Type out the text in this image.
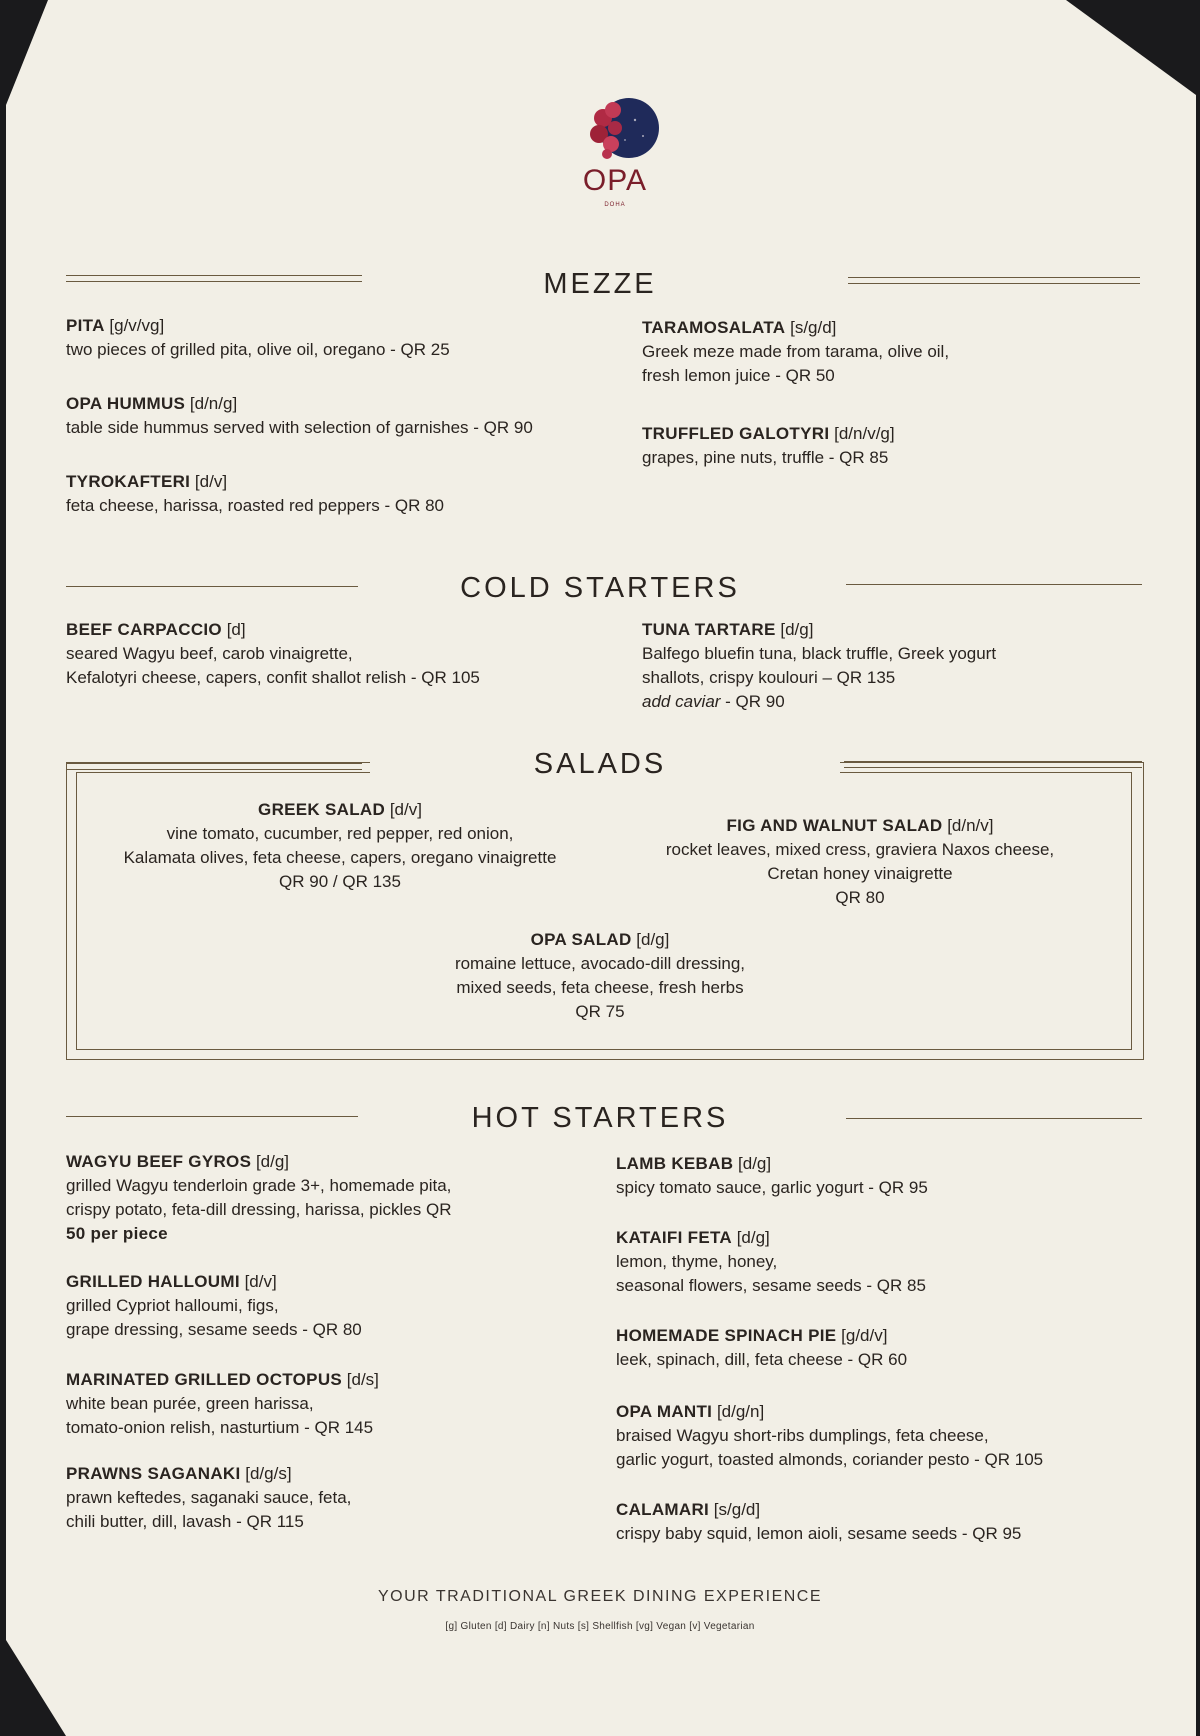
OPA
DOHA
MEZZE
PITA [g/v/vg]
two pieces of grilled pita, olive oil, oregano - QR 25
OPA HUMMUS [d/n/g]
table side hummus served with selection of garnishes - QR 90
TYROKAFTERI [d/v]
feta cheese, harissa, roasted red peppers - QR 80
TARAMOSALATA [s/g/d]
Greek meze made from tarama, olive oil,
fresh lemon juice - QR 50
TRUFFLED GALOTYRI [d/n/v/g]
grapes, pine nuts, truffle - QR 85
COLD STARTERS
BEEF CARPACCIO [d]
seared Wagyu beef, carob vinaigrette,
Kefalotyri cheese, capers, confit shallot relish - QR 105
TUNA TARTARE [d/g]
Balfego bluefin tuna, black truffle, Greek yogurt
shallots, crispy koulouri – QR 135
add caviar - QR 90
SALADS
GREEK SALAD [d/v]
vine tomato, cucumber, red pepper, red onion,
Kalamata olives, feta cheese, capers, oregano vinaigrette
QR 90 / QR 135
FIG AND WALNUT SALAD [d/n/v]
rocket leaves, mixed cress, graviera Naxos cheese,
Cretan honey vinaigrette
QR 80
OPA SALAD [d/g]
romaine lettuce, avocado-dill dressing,
mixed seeds, feta cheese, fresh herbs
QR 75
HOT STARTERS
WAGYU BEEF GYROS [d/g]
grilled Wagyu tenderloin grade 3+, homemade pita,
crispy potato, feta-dill dressing, harissa, pickles QR
50 per piece
GRILLED HALLOUMI [d/v]
grilled Cypriot halloumi, figs,
grape dressing, sesame seeds - QR 80
MARINATED GRILLED OCTOPUS [d/s]
white bean purée, green harissa,
tomato-onion relish, nasturtium - QR 145
PRAWNS SAGANAKI [d/g/s]
prawn keftedes, saganaki sauce, feta,
chili butter, dill, lavash - QR 115
LAMB KEBAB [d/g]
spicy tomato sauce, garlic yogurt - QR 95
KATAIFI FETA [d/g]
lemon, thyme, honey,
seasonal flowers, sesame seeds - QR 85
HOMEMADE SPINACH PIE [g/d/v]
leek, spinach, dill, feta cheese - QR 60
OPA MANTI [d/g/n]
braised Wagyu short-ribs dumplings, feta cheese,
garlic yogurt, toasted almonds, coriander pesto - QR 105
CALAMARI [s/g/d]
crispy baby squid, lemon aioli, sesame seeds - QR 95
YOUR TRADITIONAL GREEK DINING EXPERIENCE
[g] Gluten [d] Dairy [n] Nuts [s] Shellfish [vg] Vegan [v] Vegetarian
